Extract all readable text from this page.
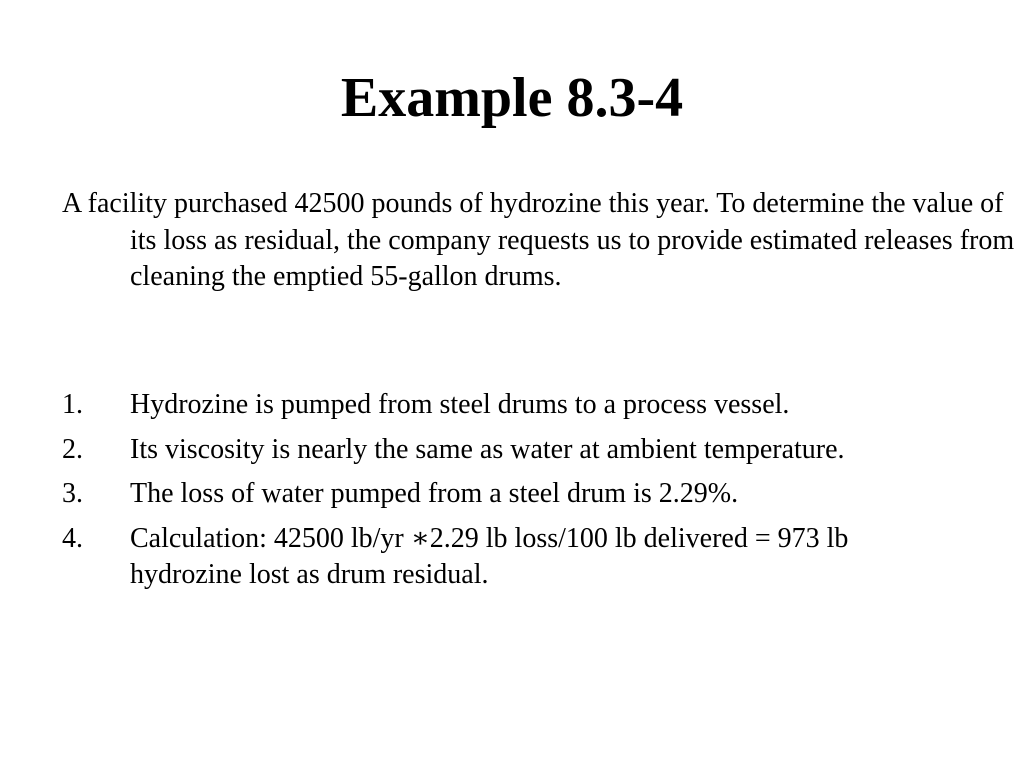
Example 8.3-4

A facility purchased 42500 pounds of hydrozine this year. To determine the value of its loss as residual, the company requests us to provide estimated releases from cleaning the emptied 55-gallon drums.

1.	Hydrozine is pumped from steel drums to a process vessel.
2.	Its viscosity is nearly the same as water at ambient temperature.
3.	The loss of water pumped from a steel drum is 2.29%.
4.	Calculation: 42500 lb/yr ∗2.29 lb loss/100 lb delivered = 973 lb hydrozine lost as drum residual.
